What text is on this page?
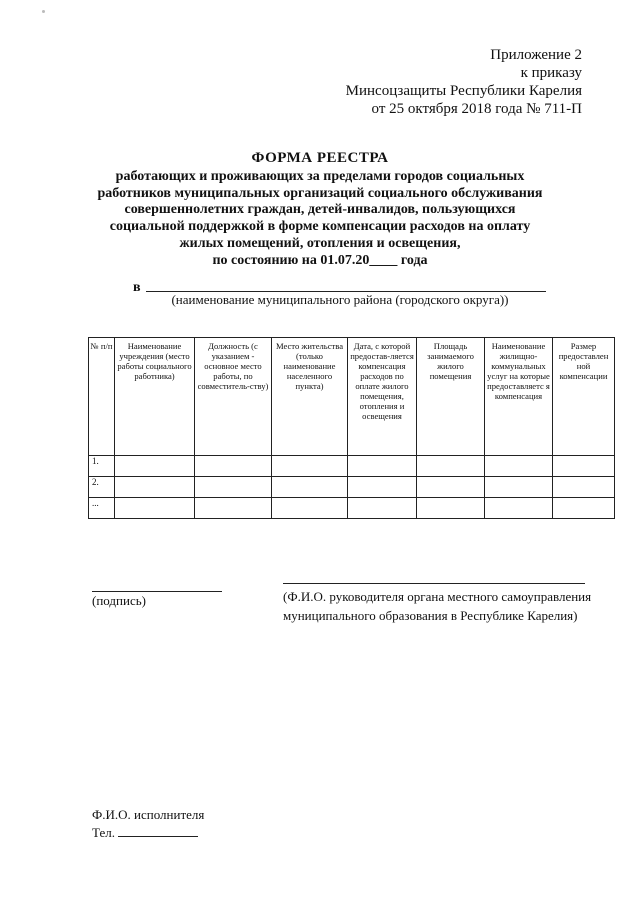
Приложение 2
к приказу
Минсоцзащиты Республики Карелия
от 25 октября 2018 года № 711-П
ФОРМА РЕЕСТРА
работающих и проживающих за пределами городов социальных
работников муниципальных организаций социального обслуживания
совершеннолетних граждан, детей-инвалидов, пользующихся
социальной поддержкой в форме компенсации расходов на оплату
жилых помещений, отопления и освещения,
по состоянию на 01.07.20____ года
в
(наименование муниципального района (городского округа))
№ п/п	Наименование учреждения (место работы социального работника)	Должность (с указанием - основное место работы, по совместитель-ству)	Место жительства (только наименование населенного пункта)	Дата, с которой предостав-ляется компенсация расходов по оплате жилого помещения, отопления и освещения	Площадь занимаемого жилого помещения	Наименование жилищно-коммунальных услуг на которые предоставляетс я компенсация	Размер предоставлен ной компенсации
1.							
2.							
...							
(подпись)	(Ф.И.О. руководителя органа местного самоуправления
муниципального образования в Республике Карелия)
Ф.И.О. исполнителя
Тел.
